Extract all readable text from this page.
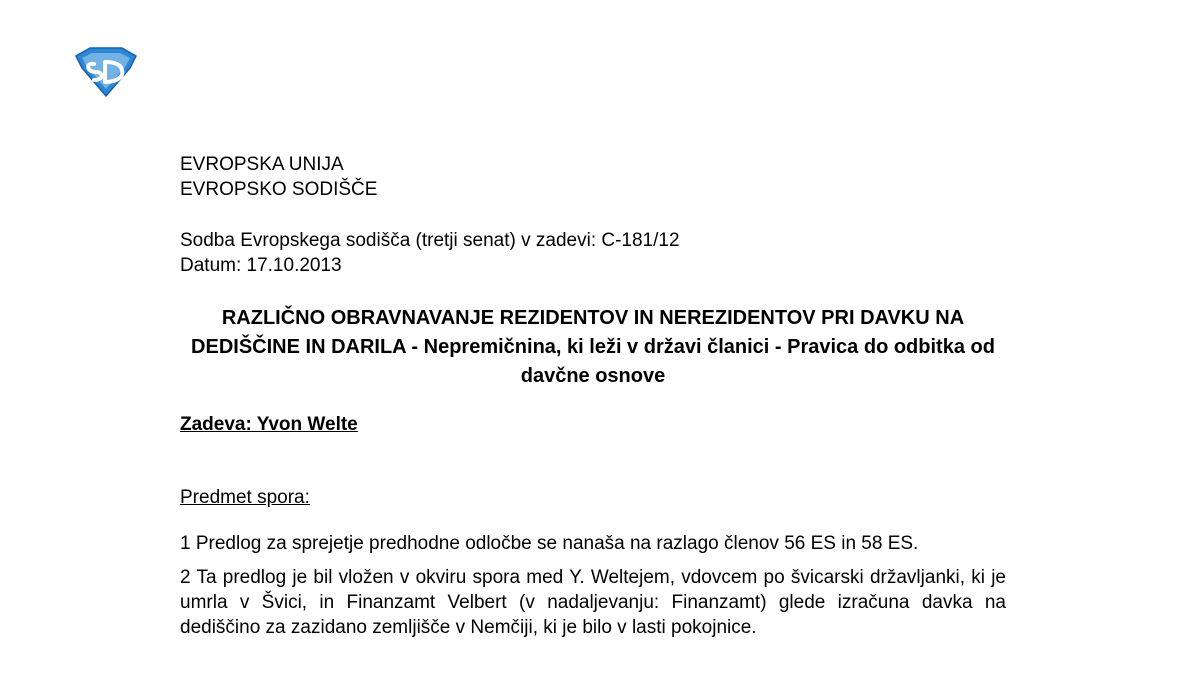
EVROPSKA UNIJA
EVROPSKO SODIŠČE
Sodba Evropskega sodišča (tretji senat) v zadevi: C-181/12
Datum: 17.10.2013
RAZLIČNO OBRAVNAVANJE REZIDENTOV IN NEREZIDENTOV PRI DAVKU NA DEDIŠČINE IN DARILA - Nepremičnina, ki leži v državi članici - Pravica do odbitka od davčne osnove
Zadeva: Yvon Welte
Predmet spora:
1 Predlog za sprejetje predhodne odločbe se nanaša na razlago členov 56 ES in 58 ES.
2 Ta predlog je bil vložen v okviru spora med Y. Weltejem, vdovcem po švicarski državljanki, ki je umrla v Švici, in Finanzamt Velbert (v nadaljevanju: Finanzamt) glede izračuna davka na dediščino za zazidano zemljišče v Nemčiji, ki je bilo v lasti pokojnice.
